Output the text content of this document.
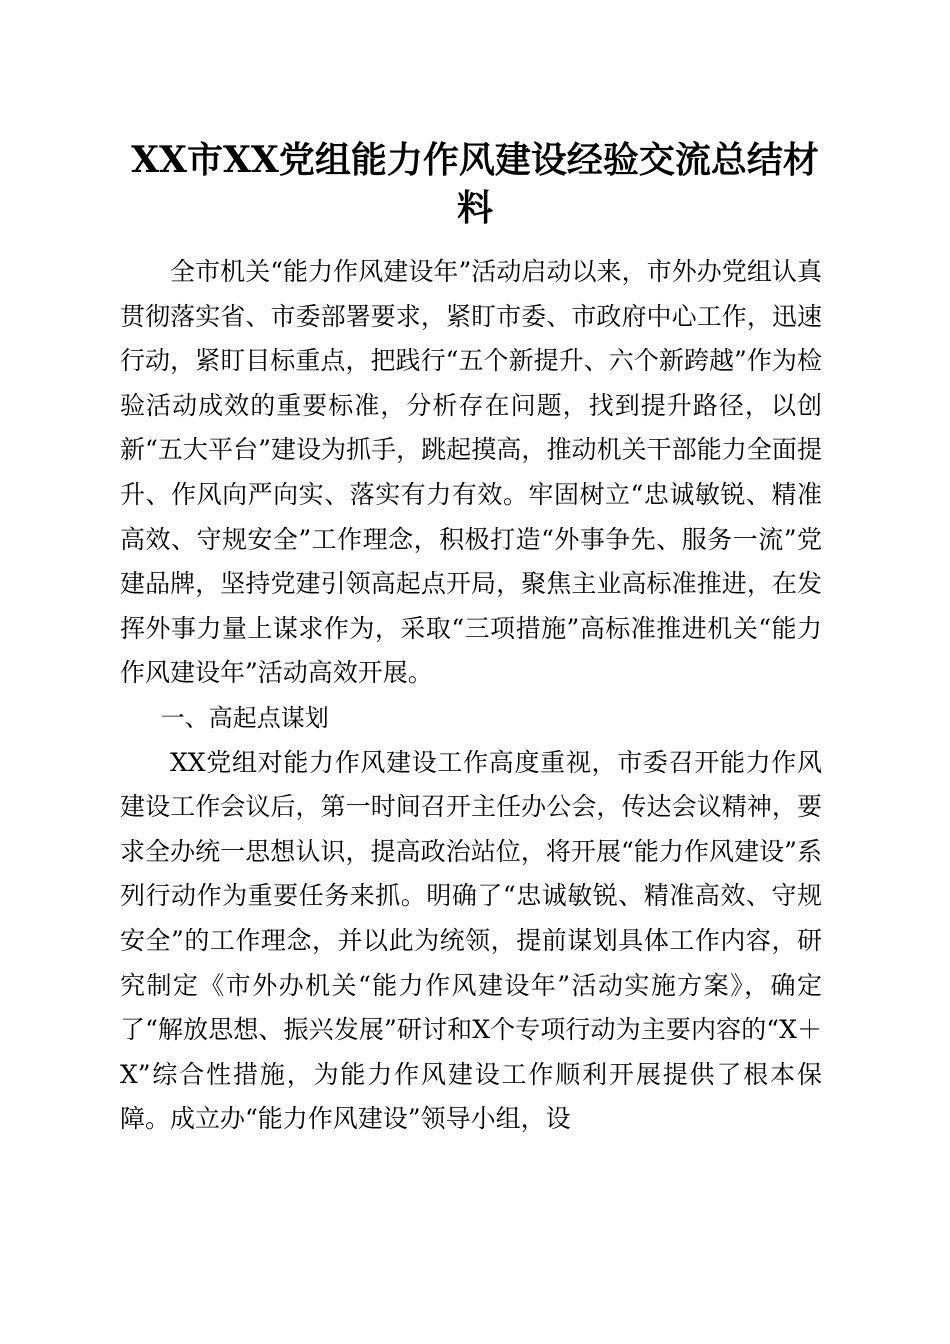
XX市XX党组能力作风建设经验交流总结材料

全市机关“能力作风建设年”活动启动以来，市外办党组认真贯彻落实省、市委部署要求，紧盯市委、市政府中心工作，迅速行动，紧盯目标重点，把践行“五个新提升、六个新跨越”作为检验活动成效的重要标准，分析存在问题，找到提升路径，以创新“五大平台”建设为抓手，跳起摸高，推动机关干部能力全面提升、作风向严向实、落实有力有效。牢固树立“忠诚敏锐、精准高效、守规安全”工作理念，积极打造“外事争先、服务一流”党建品牌，坚持党建引领高起点开局，聚焦主业高标准推进，在发挥外事力量上谋求作为，采取“三项措施”高标准推进机关“能力作风建设年”活动高效开展。

一、高起点谋划

XX党组对能力作风建设工作高度重视，市委召开能力作风建设工作会议后，第一时间召开主任办公会，传达会议精神，要求全办统一思想认识，提高政治站位，将开展“能力作风建设”系列行动作为重要任务来抓。明确了“忠诚敏锐、精准高效、守规安全”的工作理念，并以此为统领，提前谋划具体工作内容，研究制定《市外办机关“能力作风建设年”活动实施方案》，确定了“解放思想、振兴发展”研讨和X个专项行动为主要内容的“X＋X”综合性措施，为能力作风建设工作顺利开展提供了根本保障。成立办“能力作风建设”领导小组，设
